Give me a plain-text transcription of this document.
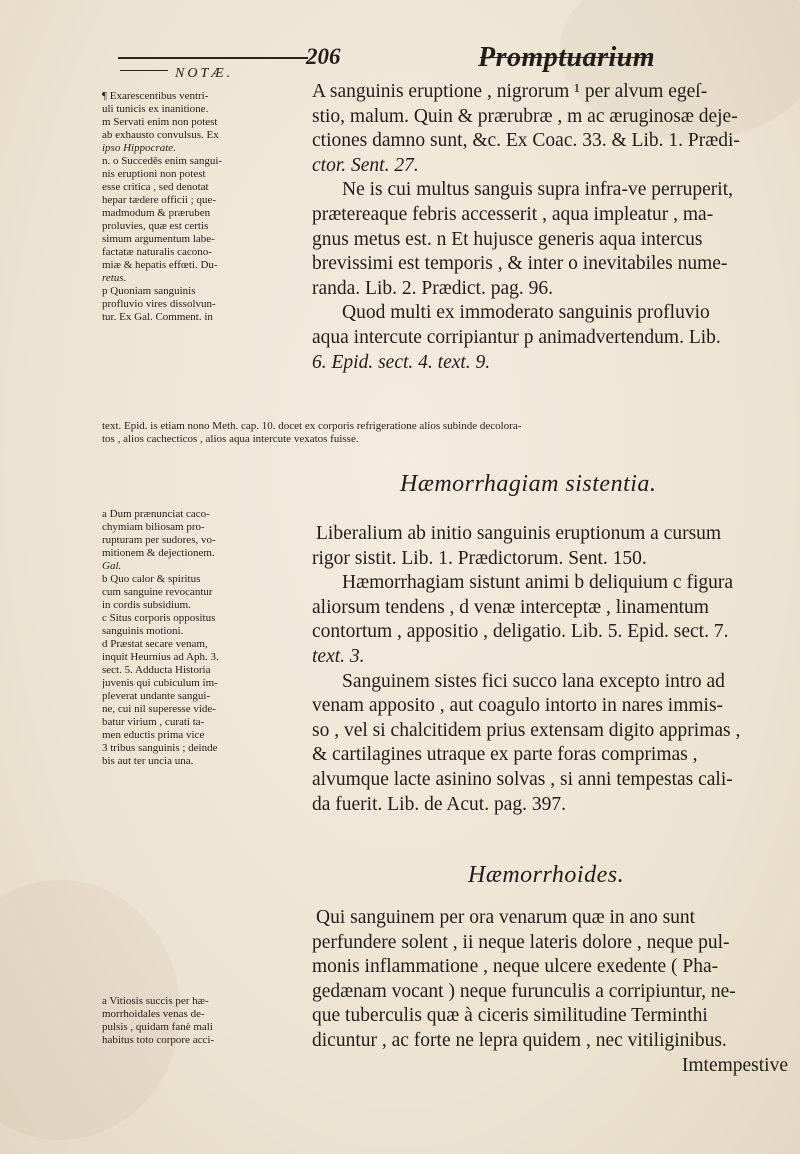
206	Promptuarium
NOTÆ.
¶ Exarescentibus ventri-
uli tunicis ex inanitione.
m Servati enim non potest
ab exhausto convulsus. Ex
ipso Hippocrate.
n. o Succedēs enim sangui-
nis eruptioni non potest
esse critica , sed denotat
hepar tædere officii ; que-
madmodum & præruben
proluvies, quæ est certis
simum argumentum labe-
factatæ naturalis cacono-
miæ & hepatis effœti. Du-
retus.
p Quoniam sanguinis
profluvio vires dissolvun-
tur. Ex Gal. Comment. in
A sanguinis eruptione , nigrorum ¹ per alvum egeſ-
stio, malum. Quin & prærubræ , m ac æruginosæ deje-
ctiones damno sunt, &c. Ex Coac. 33. & Lib. 1. Prædi-
ctor. Sent. 27.
Ne is cui multus sanguis supra infra-ve perruperit,
prætereaque febris accesserit , aqua impleatur , ma-
gnus metus est. n Et hujusce generis aqua intercus
brevissimi est temporis , & inter o inevitabiles nume-
randa. Lib. 2. Prædict. pag. 96.
Quod multi ex immoderato sanguinis profluvio
aqua intercute corripiantur p animadvertendum. Lib.
6. Epid. sect. 4. text. 9.
text. Epid. is etiam nono Meth. cap. 10. docet ex corporis refrigeratione alios subinde decolora-
tos , alios cachecticos , alios aqua intercute vexatos fuisse.
Hæmorrhagiam sistentia.
a Dum prænunciat caco-
chymiam biliosam pro-
rupturam per sudores, vo-
mitionem & dejectionem.
Gal.
b Quo calor & spiritus
cum sanguine revocantur
in cordis subsidium.
c Situs corporis oppositus
sanguinis motioni.
d Præstat secare venam,
inquit Heurnius ad Aph. 3.
sect. 5. Adducta Historia
juvenis qui cubiculum im-
pleverat undante sangui-
ne, cui nil superesse vide-
batur virium , curati ta-
men eductis prima vice
3 tribus sanguinis ; deinde
bis aut ter uncia una.
Liberalium ab initio sanguinis eruptionum a cursum
rigor sistit. Lib. 1. Prædictorum. Sent. 150.
Hæmorrhagiam sistunt animi b deliquium c figura
aliorsum tendens , d venæ interceptæ , linamentum
contortum , appositio , deligatio. Lib. 5. Epid. sect. 7.
text. 3.
Sanguinem sistes fici succo lana excepto intro ad
venam apposito , aut coagulo intorto in nares immis-
so , vel si chalcitidem prius extensam digito apprimas ,
& cartilagines utraque ex parte foras comprimas ,
alvumque lacte asinino solvas , si anni tempestas cali-
da fuerit. Lib. de Acut. pag. 397.
Hæmorrhoides.
Qui sanguinem per ora venarum quæ in ano sunt
perfundere solent , ii neque lateris dolore , neque pul-
monis inflammatione , neque ulcere exedente ( Pha-
gedænam vocant ) neque furunculis a corripiuntur, ne-
que tuberculis quæ à ciceris similitudine Terminthi
dicuntur , ac forte ne lepra quidem , nec vitiliginibus.
Imtempestive
a Vitiosis succis per hæ-
morrhoidales venas de-
pulsis , quidam fanè mali
habitus toto corpore acci-
